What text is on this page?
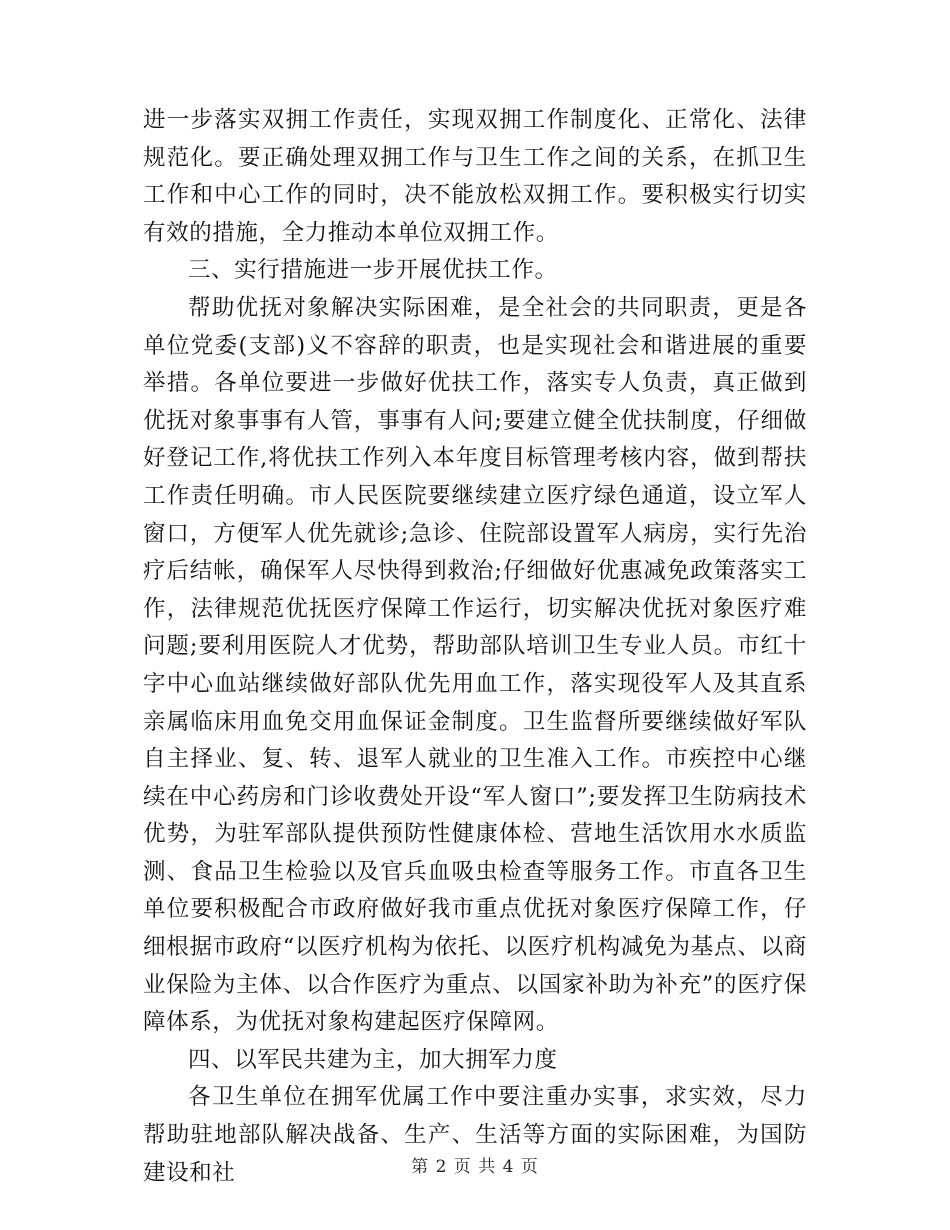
进一步落实双拥工作责任，实现双拥工作制度化、正常化、法律规范化。要正确处理双拥工作与卫生工作之间的关系，在抓卫生工作和中心工作的同时，决不能放松双拥工作。要积极实行切实有效的措施，全力推动本单位双拥工作。

三、实行措施进一步开展优扶工作。

帮助优抚对象解决实际困难，是全社会的共同职责，更是各单位党委(支部)义不容辞的职责，也是实现社会和谐进展的重要举措。各单位要进一步做好优扶工作，落实专人负责，真正做到优抚对象事事有人管，事事有人问;要建立健全优扶制度，仔细做好登记工作,将优扶工作列入本年度目标管理考核内容，做到帮扶工作责任明确。市人民医院要继续建立医疗绿色通道，设立军人窗口，方便军人优先就诊;急诊、住院部设置军人病房，实行先治疗后结帐，确保军人尽快得到救治;仔细做好优惠减免政策落实工作，法律规范优抚医疗保障工作运行，切实解决优抚对象医疗难问题;要利用医院人才优势，帮助部队培训卫生专业人员。市红十字中心血站继续做好部队优先用血工作，落实现役军人及其直系亲属临床用血免交用血保证金制度。卫生监督所要继续做好军队自主择业、复、转、退军人就业的卫生准入工作。市疾控中心继续在中心药房和门诊收费处开设“军人窗口”;要发挥卫生防病技术优势，为驻军部队提供预防性健康体检、营地生活饮用水水质监测、食品卫生检验以及官兵血吸虫检查等服务工作。市直各卫生单位要积极配合市政府做好我市重点优抚对象医疗保障工作，仔细根据市政府“以医疗机构为依托、以医疗机构减免为基点、以商业保险为主体、以合作医疗为重点、以国家补助为补充”的医疗保障体系，为优抚对象构建起医疗保障网。

四、以军民共建为主，加大拥军力度

各卫生单位在拥军优属工作中要注重办实事，求实效，尽力帮助驻地部队解决战备、生产、生活等方面的实际困难，为国防建设和社	第 2 页 共 4 页
